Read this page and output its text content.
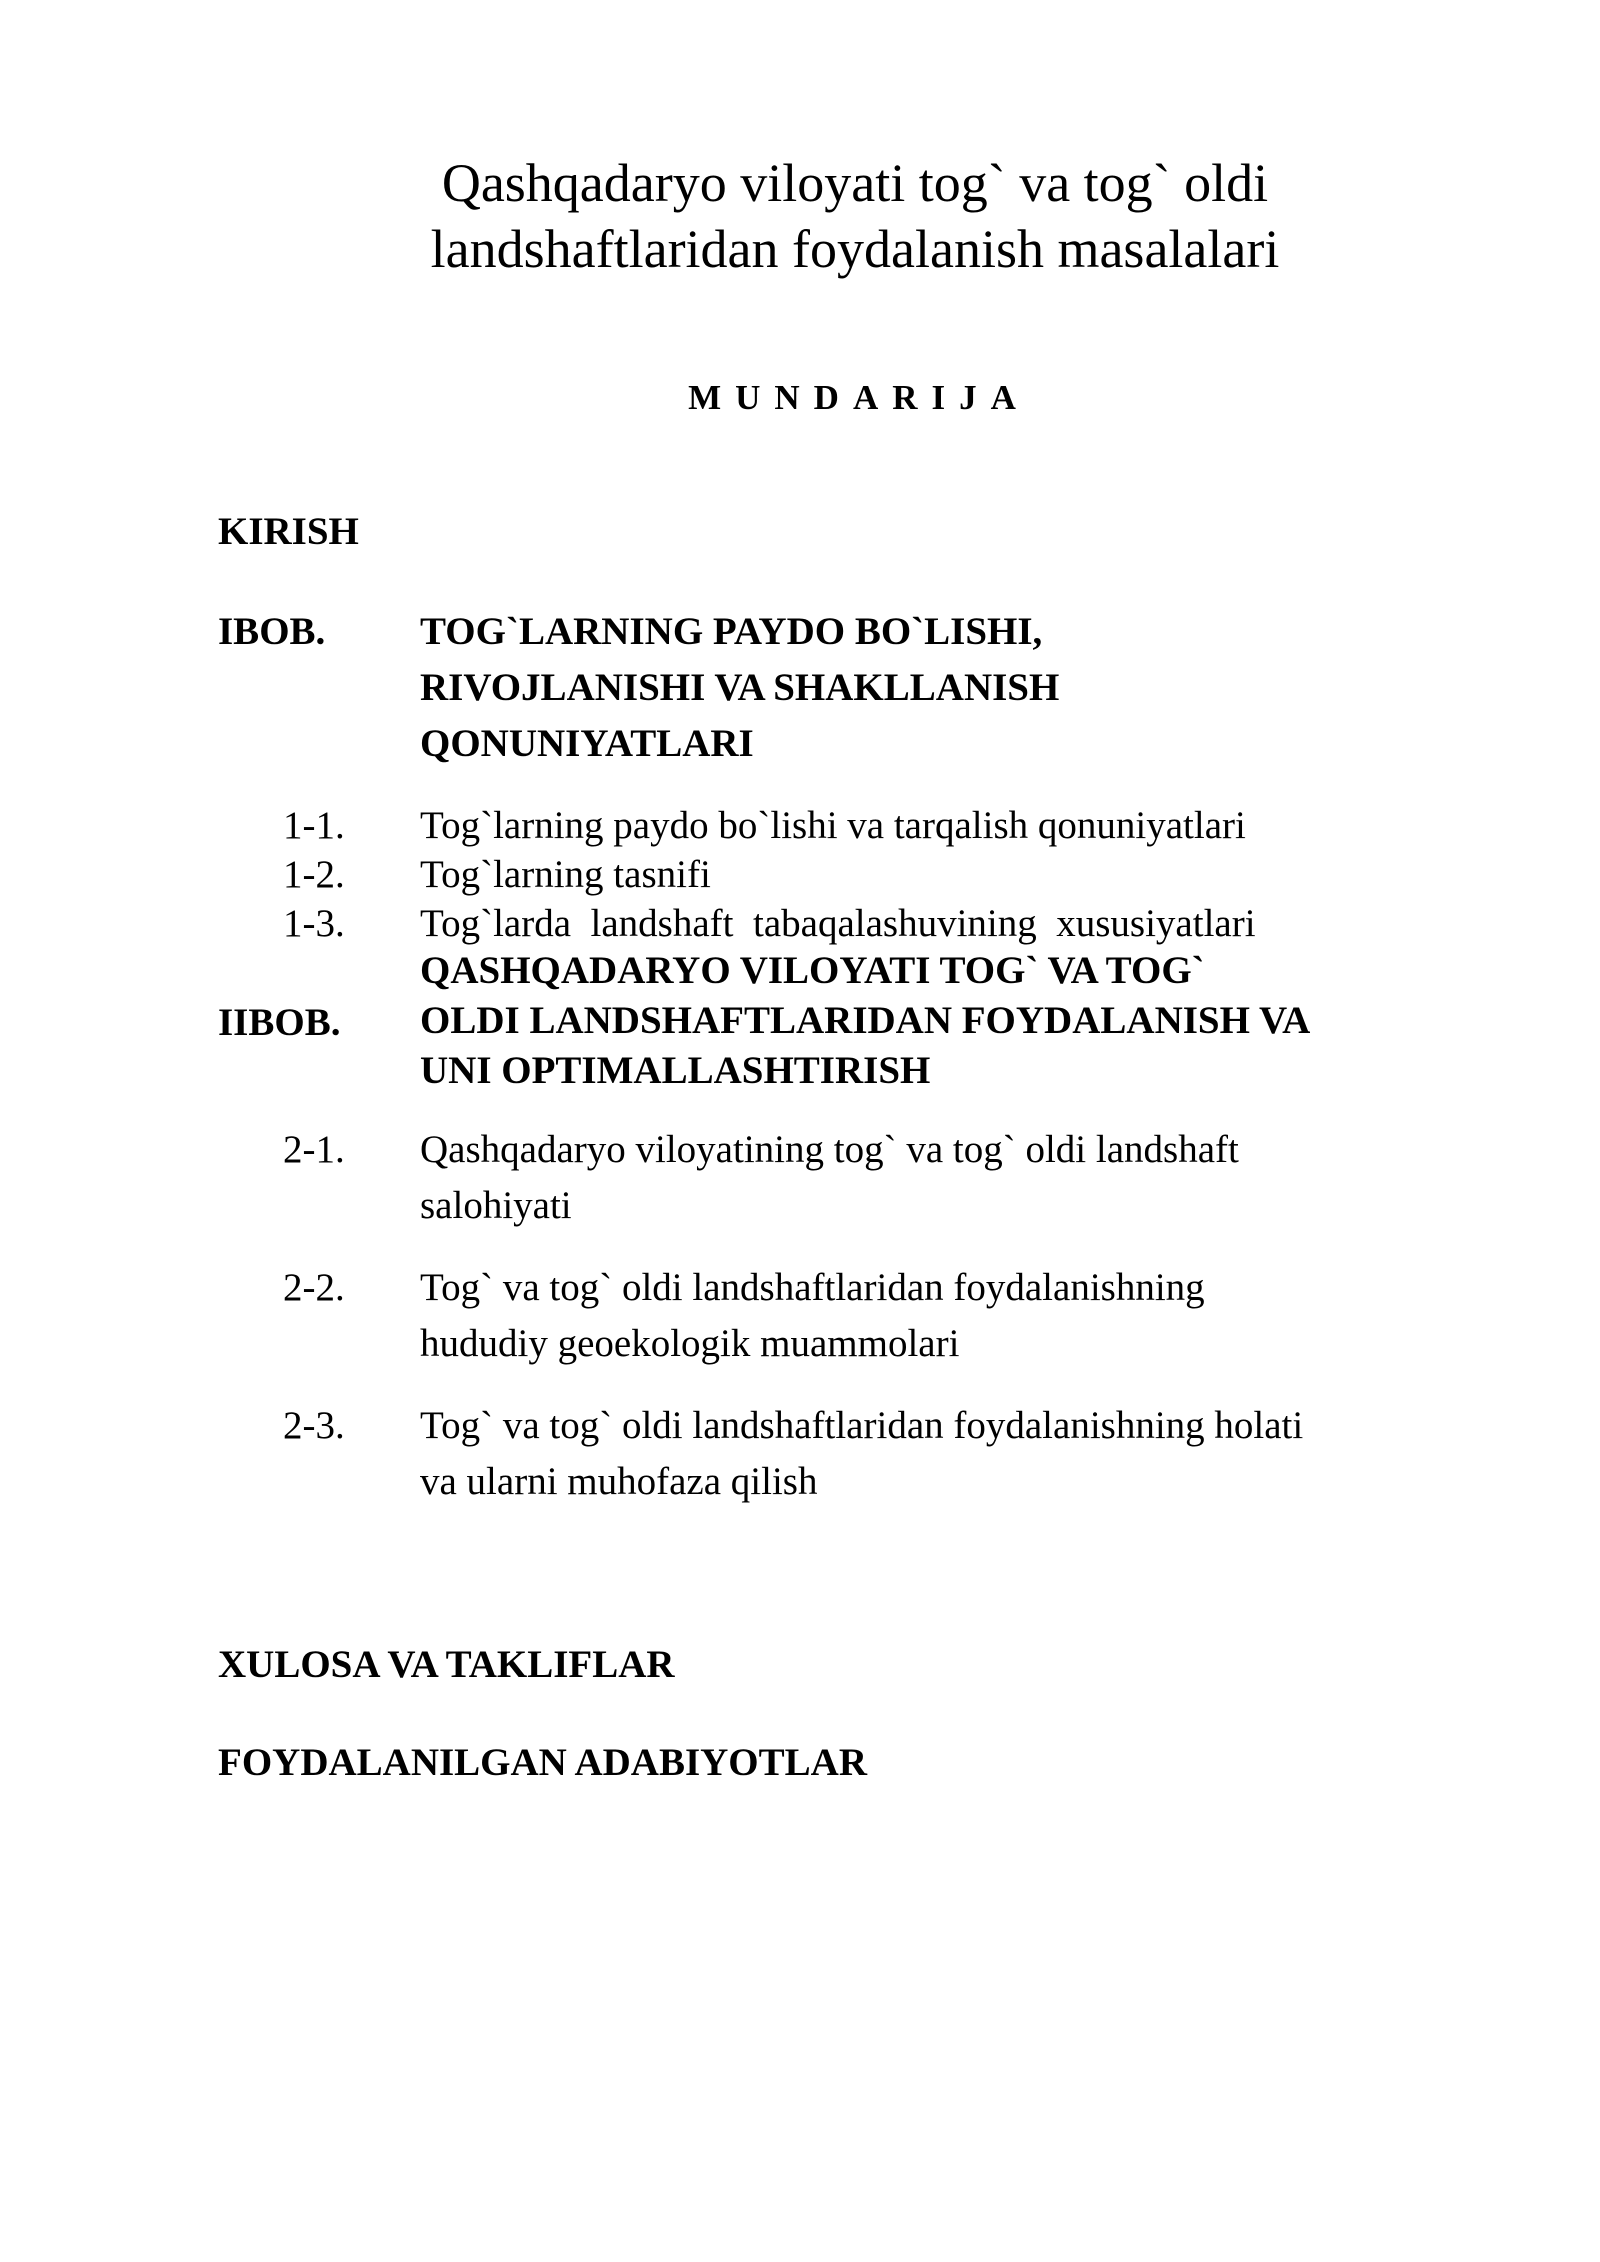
Qashqadaryo viloyati tog` va tog` oldi
landshaftlaridan foydalanish masalalari
MUNDARIJA
KIRISH
IBOB. TOG`LARNING PAYDO BO`LISHI,
RIVOJLANISHI VA SHAKLLANISH
QONUNIYATLARI
1-1. Tog`larning paydo bo`lishi va tarqalish qonuniyatlari
1-2. Tog`larning tasnifi
1-3. Tog`larda  landshaft  tabaqalashuvining  xususiyatlari
IIBOB.
QASHQADARYO VILOYATI TOG` VA TOG`
OLDI LANDSHAFTLARIDAN FOYDALANISH VA
UNI OPTIMALLASHTIRISH
2-1. Qashqadaryo viloyatining tog` va tog` oldi landshaft
salohiyati
2-2. Tog` va tog` oldi landshaftlaridan foydalanishning
hududiy geoekologik muammolari
2-3. Tog` va tog` oldi landshaftlaridan foydalanishning holati
va ularni muhofaza qilish
XULOSA VA TAKLIFLAR
FOYDALANILGAN ADABIYOTLAR
